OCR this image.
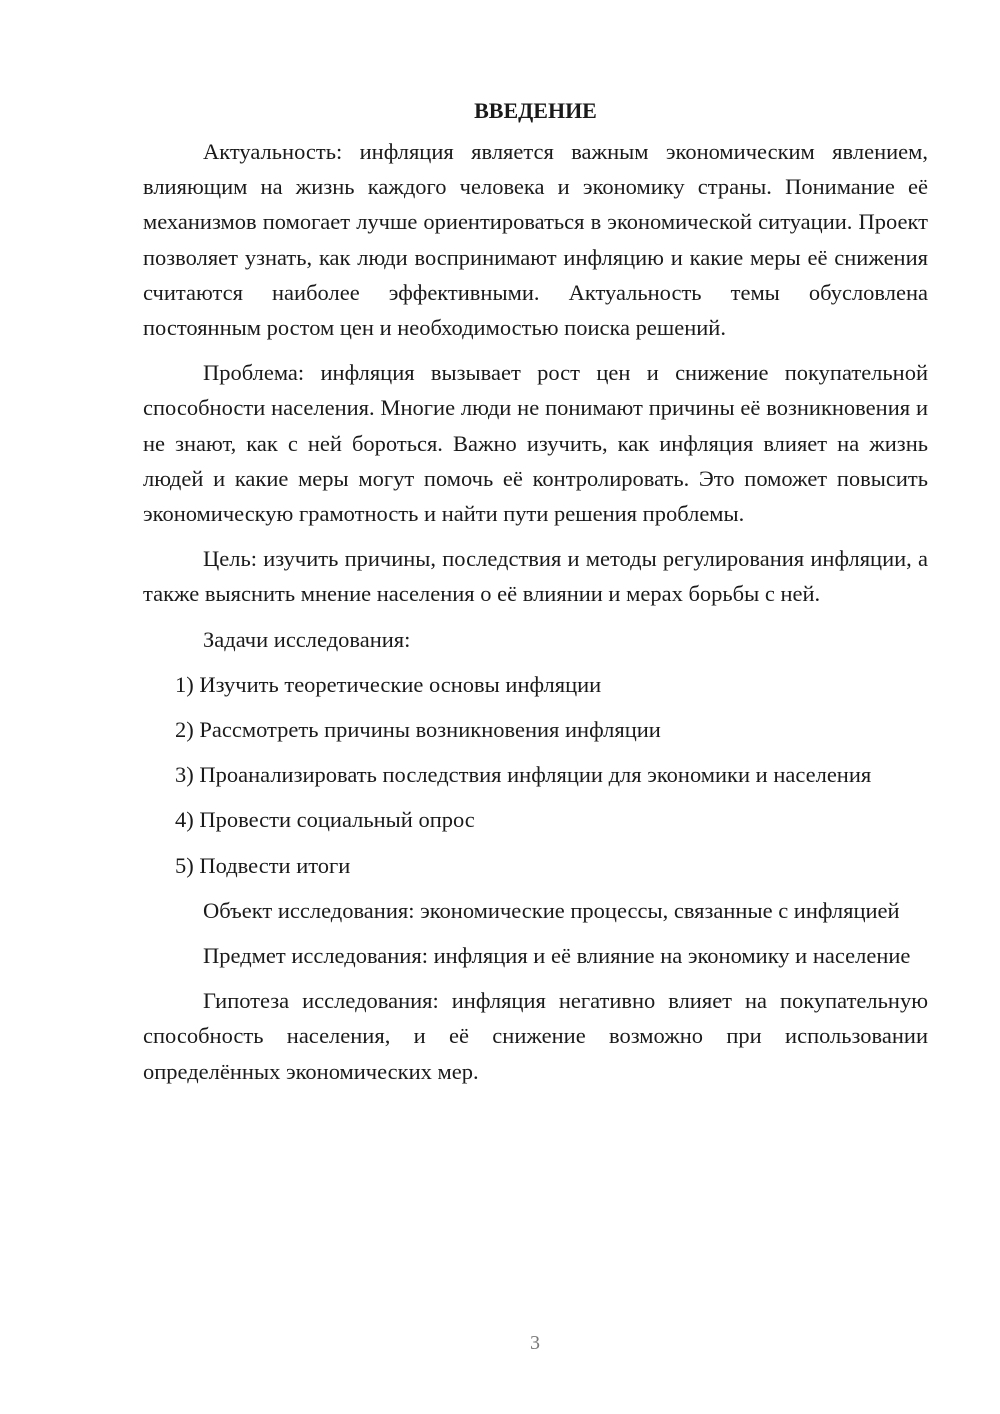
ВВЕДЕНИЕ

Актуальность: инфляция является важным экономическим явлением, влияющим на жизнь каждого человека и экономику страны. Понимание её механизмов помогает лучше ориентироваться в экономической ситуации. Проект позволяет узнать, как люди воспринимают инфляцию и какие меры её снижения считаются наиболее эффективными. Актуальность темы обусловлена постоянным ростом цен и необходимостью поиска решений.

Проблема: инфляция вызывает рост цен и снижение покупательной способности населения. Многие люди не понимают причины её возникновения и не знают, как с ней бороться. Важно изучить, как инфляция влияет на жизнь людей и какие меры могут помочь её контролировать. Это поможет повысить экономическую грамотность и найти пути решения проблемы.

Цель: изучить причины, последствия и методы регулирования инфляции, а также выяснить мнение населения о её влиянии и мерах борьбы с ней.

Задачи исследования:

1) Изучить теоретические основы инфляции

2) Рассмотреть причины возникновения инфляции

3) Проанализировать последствия инфляции для экономики и населения

4) Провести социальный опрос

5) Подвести итоги

Объект исследования: экономические процессы, связанные с инфляцией

Предмет исследования: инфляция и её влияние на экономику и население

Гипотеза исследования: инфляция негативно влияет на покупательную способность населения, и её снижение возможно при использовании определённых экономических мер.

3
